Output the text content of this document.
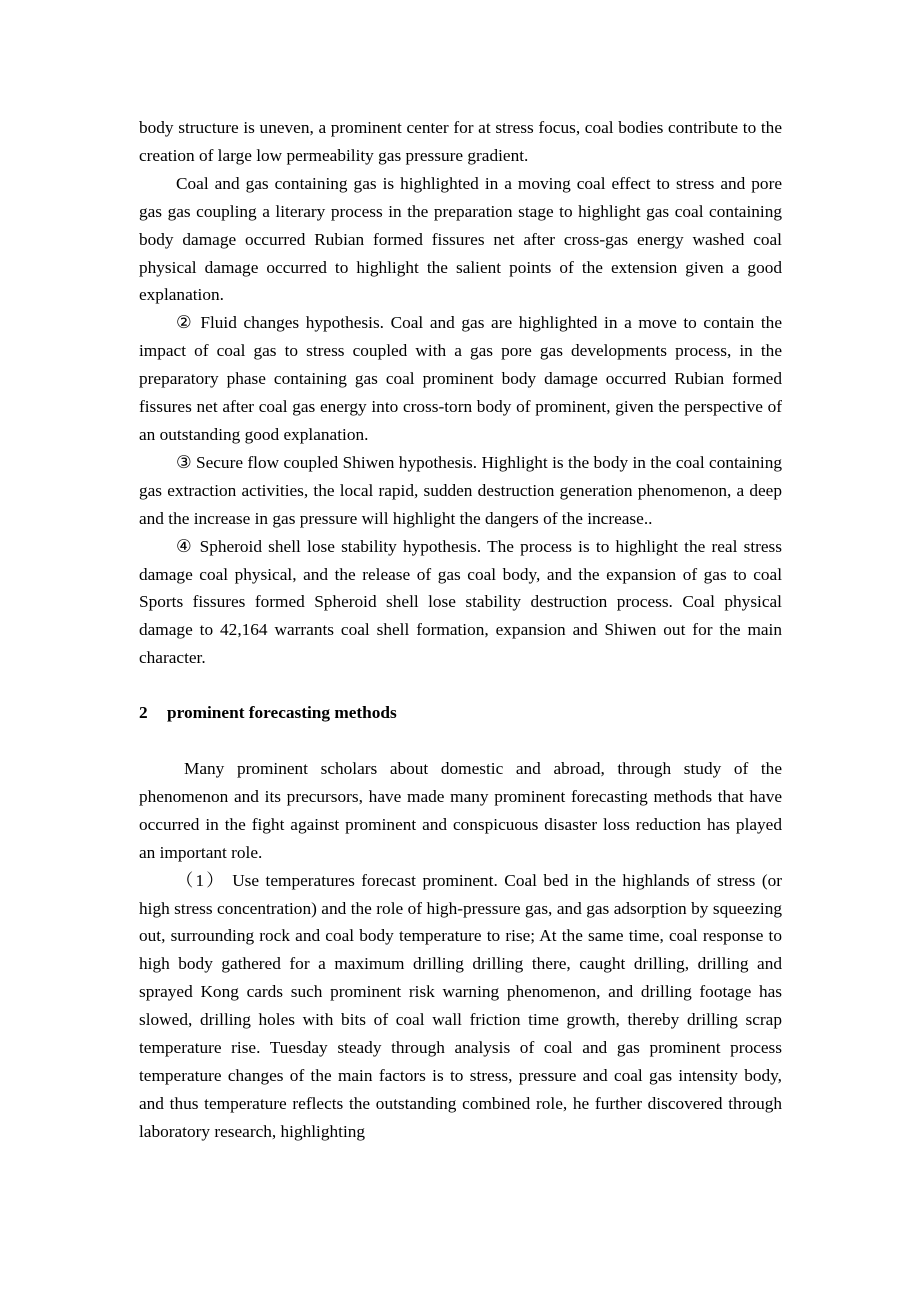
body structure is uneven, a prominent center for at stress focus, coal bodies contribute to the creation of large low permeability gas pressure gradient.

Coal and gas containing gas is highlighted in a moving coal effect to stress and pore gas gas coupling a literary process in the preparation stage to highlight gas coal containing body damage occurred Rubian formed fissures net after cross-gas energy washed coal physical damage occurred to highlight the salient points of the extension given a good explanation.

② Fluid changes hypothesis. Coal and gas are highlighted in a move to contain the impact of coal gas to stress coupled with a gas pore gas developments process, in the preparatory phase containing gas coal prominent body damage occurred Rubian formed fissures net after coal gas energy into cross-torn body of prominent, given the perspective of an outstanding good explanation.

③ Secure flow coupled Shiwen hypothesis. Highlight is the body in the coal containing gas extraction activities, the local rapid, sudden destruction generation phenomenon, a deep and the increase in gas pressure will highlight the dangers of the increase..

④ Spheroid shell lose stability hypothesis. The process is to highlight the real stress damage coal physical, and the release of gas coal body, and the expansion of gas to coal Sports fissures formed Spheroid shell lose stability destruction process. Coal physical damage to 42,164 warrants coal shell formation, expansion and Shiwen out for the main character.

2 prominent forecasting methods

Many prominent scholars about domestic and abroad, through study of the phenomenon and its precursors, have made many prominent forecasting methods that have occurred in the fight against prominent and conspicuous disaster loss reduction has played an important role.

（1） Use temperatures forecast prominent. Coal bed in the highlands of stress (or high stress concentration) and the role of high-pressure gas, and gas adsorption by squeezing out, surrounding rock and coal body temperature to rise; At the same time, coal response to high body gathered for a maximum drilling drilling there, caught drilling, drilling and sprayed Kong cards such prominent risk warning phenomenon, and drilling footage has slowed, drilling holes with bits of coal wall friction time growth, thereby drilling scrap temperature rise. Tuesday steady through analysis of coal and gas prominent process temperature changes of the main factors is to stress, pressure and coal gas intensity body, and thus temperature reflects the outstanding combined role, he further discovered through laboratory research, highlighting
